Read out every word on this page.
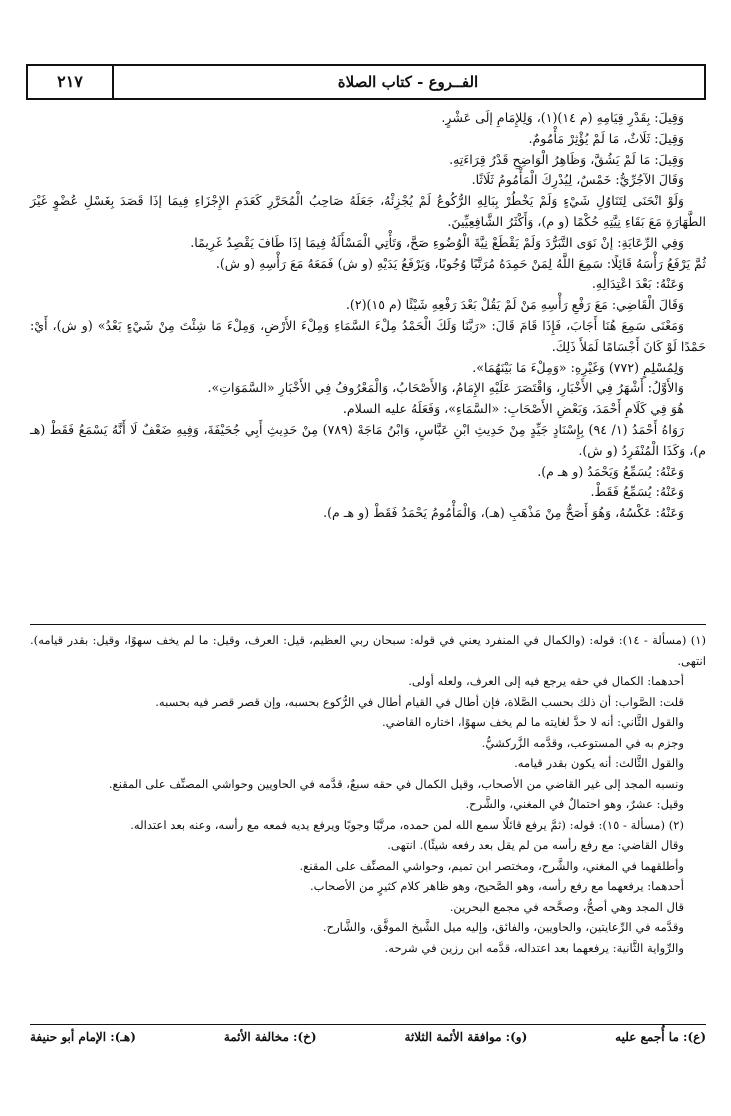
الفــروع - كتاب الصلاة
٢١٧

وَقِيلَ: بِقَدْرِ قِيَامِهِ (م ١٤)(١)، وَلِلإِمَامِ إلَى عَشْرٍ.

وَقِيلَ: ثَلَاثٌ، مَا لَمْ يُؤْثِرْ مَأْمُومٌ.

وَقِيلَ: مَا لَمْ يَشُقَّ، وَظَاهِرُ الْوَاضِحِ قَدْرُ قِرَاءَتِهِ.

وَقَالَ الآجُرِّيُّ: خَمْسٌ، لِيُدْرِكَ الْمَأْمُومُ ثَلَاثًا.

وَلَوْ انْحَنَى لِتَنَاوُلِ شَيْءٍ وَلَمْ يَخْطُرْ بِبَالِهِ الرُّكُوعُ لَمْ يُجْزِئْهُ، جَعَلَهُ صَاحِبُ الْمُحَرَّرِ كَعَدَمِ الإِجْزَاءِ فِيمَا إذَا قَصَدَ بِغَسْلِ عُضْوٍ غَيْرَ الطَّهَارَةِ مَعَ بَقَاءِ نِيَّتِهِ حُكْمًا (و م)، وَأَكْثَرُ الشَّافِعِيِّينَ.

وَفِي الرِّعَايَةِ: إنْ نَوَى التَّبَرُّدَ وَلَمْ يَقْطَعْ نِيَّةَ الْوُضُوءِ صَحَّ، وَتَأْتِي الْمَسْأَلَةُ فِيمَا إذَا طَافَ يَقْصِدُ غَرِيمًا.

ثُمَّ يَرْفَعُ رَأْسَهُ قَائِلًا: سَمِعَ اللَّهُ لِمَنْ حَمِدَهُ مُرَتَّبًا وُجُوبًا، وَيَرْفَعُ يَدَيْهِ (و ش) فَمَعَهُ مَعَ رَأْسِهِ (و ش).

وَعَنْهُ: بَعْدَ اعْتِدَالِهِ.

وَقَالَ الْقَاضِي: مَعَ رَفْعِ رَأْسِهِ مَنْ لَمْ يَقُلْ بَعْدَ رَفْعِهِ شَيْئًا (م ١٥)(٢).

وَمَعْنَى سَمِعَ هُنَا أَجَابَ، فَإِذَا قَامَ قَالَ: «رَبَّنَا وَلَكَ الْحَمْدُ مِلْءَ السَّمَاءِ وَمِلْءَ الأَرْضِ، وَمِلْءَ مَا شِئْتَ مِنْ شَيْءٍ بَعْدُ» (و ش)، أَيْ: حَمْدًا لَوْ كَانَ أَجْسَامًا لَمَلأَ ذَلِكَ.

وَلِمُسْلِمٍ (٧٧٢) وَغَيْرِهِ: «وَمِلْءَ مَا بَيْنَهُمَا».

وَالأَوَّلُ: أَشْهَرُ فِي الأَخْبَارِ، وَاقْتَصَرَ عَلَيْهِ الإِمَامُ، وَالأَصْحَابُ، وَالْمَعْرُوفُ فِي الأَخْبَارِ «السَّمَوَاتِ».

هُوَ فِي كَلَامِ أَحْمَدَ، وَبَعْضِ الأَصْحَابِ: «السَّمَاءِ»، وَفَعَلَهُ عليه السلام.

رَوَاهُ أَحْمَدُ (١/ ٩٤) بِإِسْنَادٍ جَيِّدٍ مِنْ حَدِيثِ ابْنِ عَبَّاسٍ، وَابْنُ مَاجَهْ (٧٨٩) مِنْ حَدِيثِ أَبِي جُحَيْفَةَ، وَفِيهِ ضَعْفٌ لَا أَنَّهُ يَسْمَعُ فَقَطْ (هـ م)، وَكَذَا الْمُنْفَرِدُ (و ش).

وَعَنْهُ: يُسَمِّعُ وَيَحْمَدُ (و هـ م).

وَعَنْهُ: يُسَمِّعُ فَقَطْ.

وَعَنْهُ: عَكْسُهُ، وَهُوَ أَصَحُّ مِنْ مَذْهَبِ (هـ)، وَالْمَأْمُومُ يَحْمَدُ فَقَطْ (و هـ م).

(١) (مسألة - ١٤): قوله: (والكمال في المنفرد يعني في قوله: سبحان ربي العظيم، قيل: العرف، وقيل: ما لم يخف سهوًا، وقيل: بقدر قيامه). انتهى.

أحدهما: الكمال في حقه يرجع فيه إلى العرف، ولعله أولى.

قلت: الصَّواب: أن ذلك بحسب الصَّلاة، فإن أطال في القيام أطال في الرُّكوع بحسبه، وإن قصر قصر فيه بحسبه.

والقول الثَّاني: أنه لا حدَّ لغايته ما لم يخف سهوًا، اختاره القاضي.

وجزم به في المستوعب، وقدَّمه الزَّركشيُّ.

والقول الثَّالث: أنه يكون بقدر قيامه.

ونسبه المجد إلى غير القاضي من الأصحاب، وقيل الكمال في حقه سبعٌ، قدَّمه في الحاويين وحواشي المصنِّف على المقنع.

وقيل: عشرٌ، وهو احتمالٌ في المغني، والشَّرح.

(٢) (مسألة - ١٥): قوله: (ثمَّ يرفع قائلًا سمع الله لمن حمده، مرتَّبًا وجوبًا ويرفع يديه فمعه مع رأسه، وعنه بعد اعتداله.

وقال القاضي: مع رفع رأسه من لم يقل بعد رفعه شيئًا). انتهى.

وأطلقهما في المغني، والشَّرح، ومختصر ابن تميم، وحواشي المصنِّف على المقنع.

أحدهما: يرفعهما مع رفع رأسه، وهو الصَّحيح، وهو ظاهر كلام كثيرٍ من الأصحاب.

قال المجد وهي أصحُّ، وصحَّحه في مجمع البحرين.

وقدَّمه في الرِّعايتين، والحاويين، والفائق، وإليه ميل الشَّيخ الموفَّق، والشَّارح.

والرِّواية الثَّانية: يرفعهما بعد اعتداله، قدَّمه ابن رزين في شرحه.

(ع): ما أُجمع عليه
(و): موافقة الأئمة الثلاثة
(خ): مخالفة الأئمة
(هـ): الإمام أبو حنيفة
